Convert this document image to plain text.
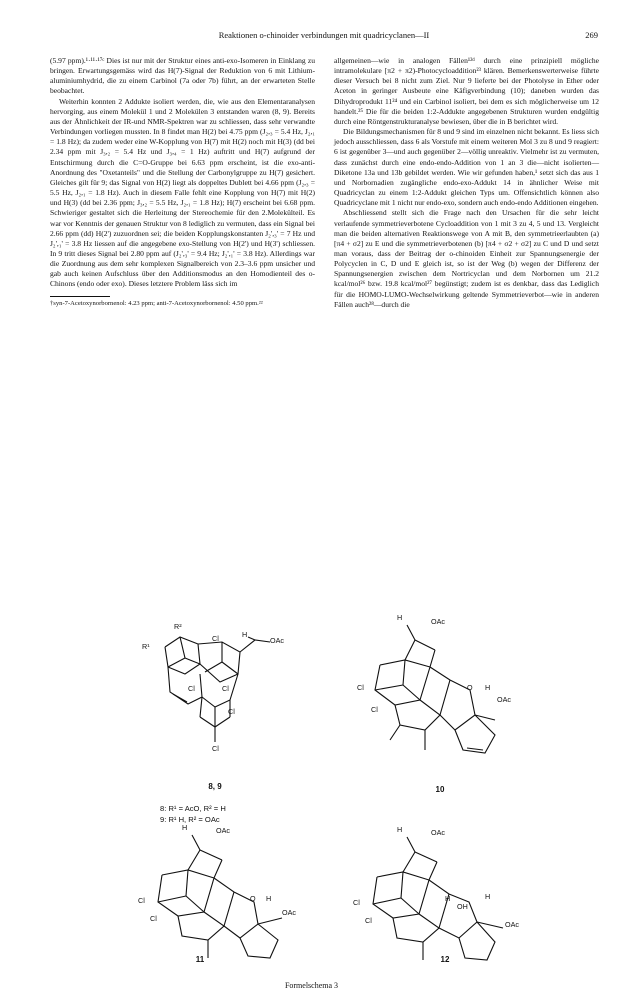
Reaktionen o-chinoider verbindungen mit quadricyclanen—II	269

(5.97 ppm).¹·¹¹·¹⁷ᶜ Dies ist nur mit der Struktur eines anti-exo-Isomeren in Einklang zu bringen. Erwartungsgemäss wird das H(7)-Signal der Reduktion von 6 mit Lithium-aluminiumhydrid, die zu einem Carbinol (7a oder 7b) führt, an der erwarteten Stelle beobachtet.

Weiterhin konnten 2 Addukte isoliert werden, die, wie aus den Elementaranalysen hervorging, aus einem Molekül 1 und 2 Molekülen 3 entstanden waren (8, 9). Bereits aus der Ähnlichkeit der IR-und NMR-Spektren war zu schliessen, dass sehr verwandte Verbindungen vorliegen mussten. In 8 findet man H(2) bei 4.75 ppm (J₂,₃ = 5.4 Hz, J₂,₁ = 1.8 Hz); da zudem weder eine W-Kopplung von H(7) mit H(2) noch mit H(3) (dd bei 2.34 ppm mit J₃,₂ = 5.4 Hz und J₃,₄ = 1 Hz) auftritt und H(7) aufgrund der Entschirmung durch die C=O-Gruppe bei 6.63 ppm erscheint, ist die exo-anti-Anordnung des "Oxetanteils" und die Stellung der Carbonylgruppe zu H(7) gesichert. Gleiches gilt für 9; das Signal von H(2) liegt als doppeltes Dublett bei 4.66 ppm (J₂,₃ = 5.5 Hz, J₂,₁ = 1.8 Hz). Auch in diesem Falle fehlt eine Kopplung von H(7) mit H(2) und H(3) (dd bei 2.36 ppm; J₃,₂ = 5.5 Hz, J₂,₁ = 1.8 Hz); H(7) erscheint bei 6.68 ppm. Schwieriger gestaltet sich die Herleitung der Stereochemie für den 2.Molekülteil. Es war vor Kenntnis der genauen Struktur von 8 lediglich zu vermuten, dass ein Signal bei 2.66 ppm (dd) H(2') zuzuordnen sei; die beiden Kopplungskonstanten J₂',₃' = 7 Hz und J₂',₁' = 3.8 Hz liessen auf die angegebene exo-Stellung von H(2') und H(3') schliessen. In 9 tritt dieses Signal bei 2.80 ppm auf (J₂',₃' = 9.4 Hz; J₂',₁' = 3.8 Hz). Allerdings war die Zuordnung aus dem sehr komplexen Signalbereich von 2.3–3.6 ppm unsicher und gab auch keinen Aufschluss über den Additionsmodus an den Homodienteil des o-Chinons (endo oder exo). Dieses letztere Problem läss sich im

†syn-7-Acetoxynorbornenol: 4.23 ppm; anti-7-Acetoxynorbornenol: 4.50 ppm.²²

allgemeinen—wie in analogen Fällen¹²ᵈ durch eine prinzipiell mögliche intramolekulare [π2 + π2)-Photocycloaddition²³ klären. Bemerkenswerterweise führte dieser Versuch bei 8 nicht zum Ziel. Nur 9 lieferte bei der Photolyse in Ether oder Aceton in geringer Ausbeute eine Käfigverbindung (10); daneben wurden das Dihydroprodukt 11²⁴ und ein Carbinol isoliert, bei dem es sich möglicherweise um 12 handelt.²⁵ Die für die beiden 1:2-Addukte angegebenen Strukturen wurden endgültig durch eine Röntgenstrukturanalyse bewiesen, über die in B berichtet wird.

Die Bildungsmechanismen für 8 und 9 sind im einzelnen nicht bekannt. Es liess sich jedoch ausschliessen, dass 6 als Vorstufe mit einem weiteren Mol 3 zu 8 und 9 reagiert: 6 ist gegenüber 3—und auch gegenüber 2—völlig unreaktiv. Vielmehr ist zu vermuten, dass zunächst durch eine endo-endo-Addition von 1 an 3 die—nicht isolierten—Diketone 13a und 13b gebildet werden. Wie wir gefunden haben,¹ setzt sich das aus 1 und Norbornadien zugängliche endo-exo-Addukt 14 in ähnlicher Weise mit Quadricyclan zu einem 1:2-Addukt gleichen Typs um. Offensichtlich können also Quadricyclane mit 1 nicht nur endo-exo, sondern auch endo-endo Additionen eingehen.

Abschliessend stellt sich die Frage nach den Ursachen für die sehr leicht verlaufende symmetrieverbotene Cycloaddition von 1 mit 3 zu 4, 5 und 13. Vergleicht man die beiden alternativen Reaktionswege von A mit B, den symmetrieerlaubten (a) [π4 + σ2] zu E und die symmetrieverbotenen (b) [π4 + σ2 + σ2] zu C und D und setzt man voraus, dass der Beitrag der o-chinoiden Einheit zur Spannungsenergie der Polycyclen in C, D und E gleich ist, so ist der Weg (b) wegen der Differenz der Spannungsenergien zwischen dem Nortricyclan und dem Norbornen um 21.2 kcal/mol²⁶ bzw. 19.8 kcal/mol²⁷ begünstigt; zudem ist es denkbar, dass das Lediglich für die HOMO-LUMO-Wechselwirkung geltende Symmetrieverbot—wie in anderen Fällen auch²⁸—durch die

R¹
R²
Cl	H
OAc
Cl	Cl
Cl
Cl
8, 9
8: R¹ = AcO, R² = H
9: R¹ H, R² = OAc
H	OAc
Cl
Cl
O H
OAc
10
H	OAc
Cl
Cl
O H
OAc
11
H	OAc
Cl
Cl
H
OH
H
OAc
12
Formelschema 3
